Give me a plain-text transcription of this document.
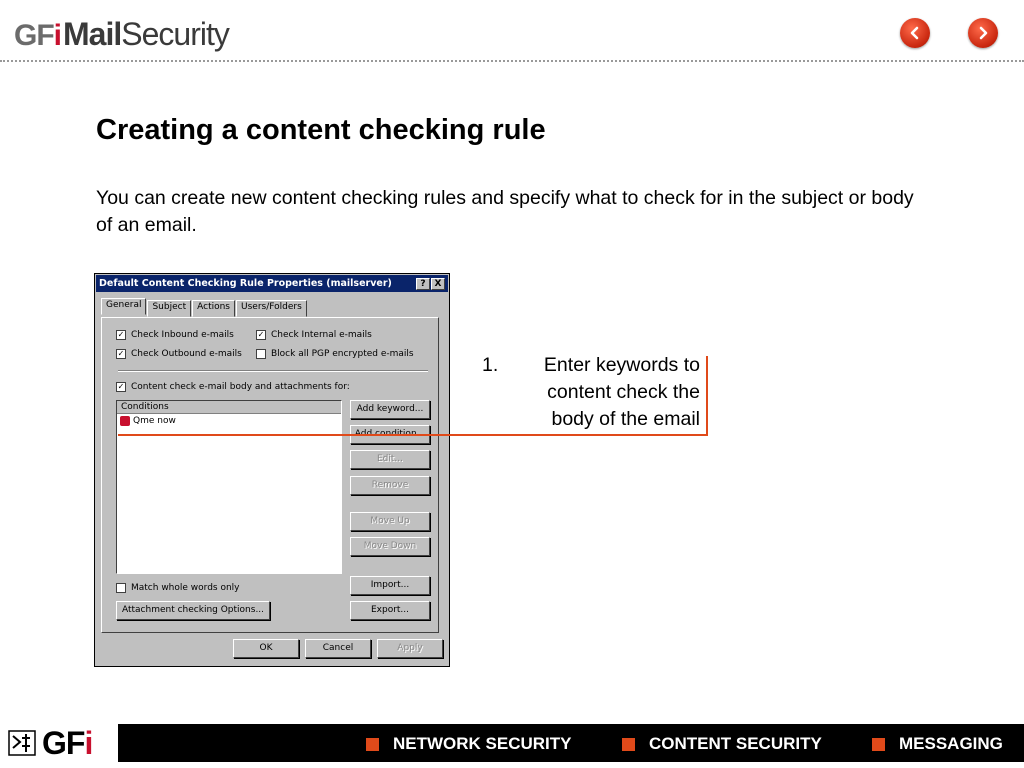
GFi Mail Security
Creating a content checking rule
You can create new content checking rules and specify what to check for in the subject or body of an email.
Default Content Checking Rule Properties (mailserver)	? X
General	Subject	Actions	Users/Folders
✓ Check Inbound e-mails	✓ Check Internal e-mails
✓ Check Outbound e-mails	Block all PGP encrypted e-mails
✓ Content check e-mail body and attachments for:
Conditions
Qme now
Add keyword...
Edit...
Remove
Move Up
Move Down
Import...
Export...
Match whole words only
Attachment checking Options...
OK	Cancel	Apply
1. Enter keywords to content check the body of the email
GFi	NETWORK SECURITY	CONTENT SECURITY	MESSAGING
